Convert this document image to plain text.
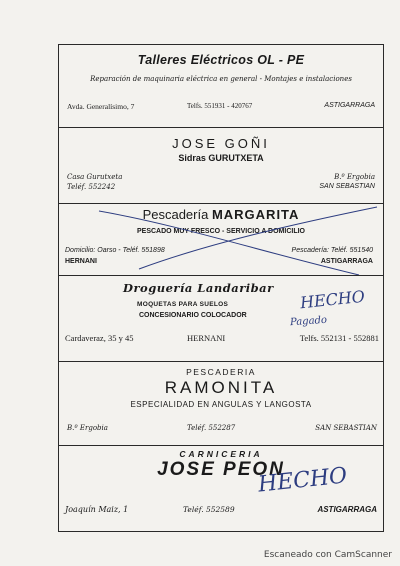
Talleres Eléctricos OL - PE
Reparación de maquinaria eléctrica en general - Montajes e instalaciones
Avda. Generalísimo, 7	Telfs. 551931 - 420767	ASTIGARRAGA
JOSE GOÑI
Sidras GURUTXETA
Casa Gurutxeta
Teléf. 552242
B.º Ergobia
SAN SEBASTIAN
Pescadería MARGARITA
PESCADO MUY FRESCO - SERVICIO A DOMICILIO
Domicilio: Oarso - Teléf. 551898
HERNANI
Pescadería: Teléf. 551540
ASTIGARRAGA
Droguería Landaribar
MOQUETAS PARA SUELOS
CONCESIONARIO COLOCADOR
Cardaveraz, 35 y 45	HERNANI	Telfs. 552131 - 552881
PESCADERIA
RAMONITA
ESPECIALIDAD EN ANGULAS Y LANGOSTA
B.º Ergobia	Teléf. 552287	SAN SEBASTIAN
CARNICERIA
JOSE PEON
Joaquín Maiz, 1	Teléf. 552589	ASTIGARRAGA
HECHO
Pagado
HECHO
Escaneado con CamScanner
